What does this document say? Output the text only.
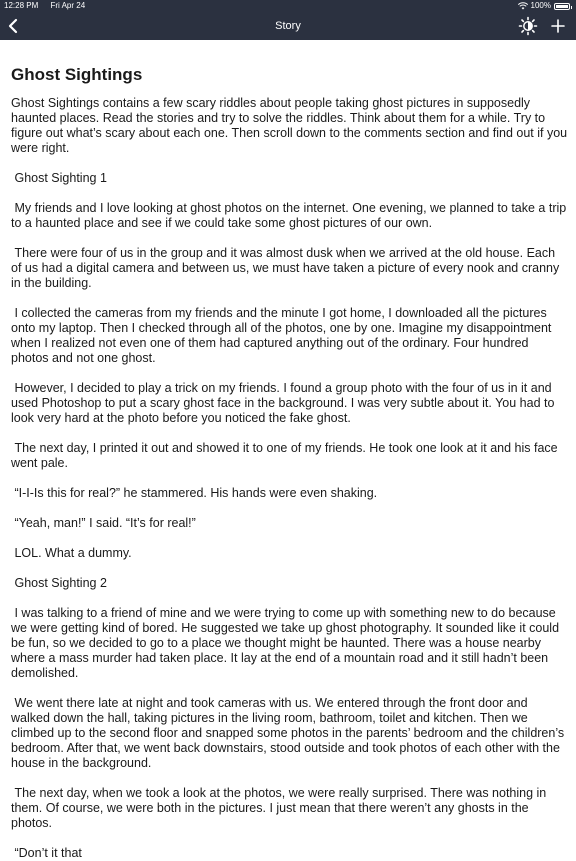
12:28 PM Fri Apr 24	100%
Story
Ghost Sightings

Ghost Sightings contains a few scary riddles about people taking ghost pictures in supposedly haunted places. Read the stories and try to solve the riddles. Think about them for a while. Try to figure out what’s scary about each one. Then scroll down to the comments section and find out if you were right.

Ghost Sighting 1

My friends and I love looking at ghost photos on the internet. One evening, we planned to take a trip to a haunted place and see if we could take some ghost pictures of our own.

There were four of us in the group and it was almost dusk when we arrived at the old house. Each of us had a digital camera and between us, we must have taken a picture of every nook and cranny in the building.

I collected the cameras from my friends and the minute I got home, I downloaded all the pictures onto my laptop. Then I checked through all of the photos, one by one. Imagine my disappointment when I realized not even one of them had captured anything out of the ordinary. Four hundred photos and not one ghost.

However, I decided to play a trick on my friends. I found a group photo with the four of us in it and used Photoshop to put a scary ghost face in the background. I was very subtle about it. You had to look very hard at the photo before you noticed the fake ghost.

The next day, I printed it out and showed it to one of my friends. He took one look at it and his face went pale.

“I-I-Is this for real?” he stammered. His hands were even shaking.

“Yeah, man!” I said. “It’s for real!”

LOL. What a dummy.

Ghost Sighting 2

I was talking to a friend of mine and we were trying to come up with something new to do because we were getting kind of bored. He suggested we take up ghost photography. It sounded like it could be fun, so we decided to go to a place we thought might be haunted. There was a house nearby where a mass murder had taken place. It lay at the end of a mountain road and it still hadn’t been demolished.

We went there late at night and took cameras with us. We entered through the front door and walked down the hall, taking pictures in the living room, bathroom, toilet and kitchen. Then we climbed up to the second floor and snapped some photos in the parents’ bedroom and the children’s bedroom. After that, we went back downstairs, stood outside and took photos of each other with the house in the background.

The next day, when we took a look at the photos, we were really surprised. There was nothing in them. Of course, we were both in the pictures. I just mean that there weren’t any ghosts in the photos.

“Don’t it that
